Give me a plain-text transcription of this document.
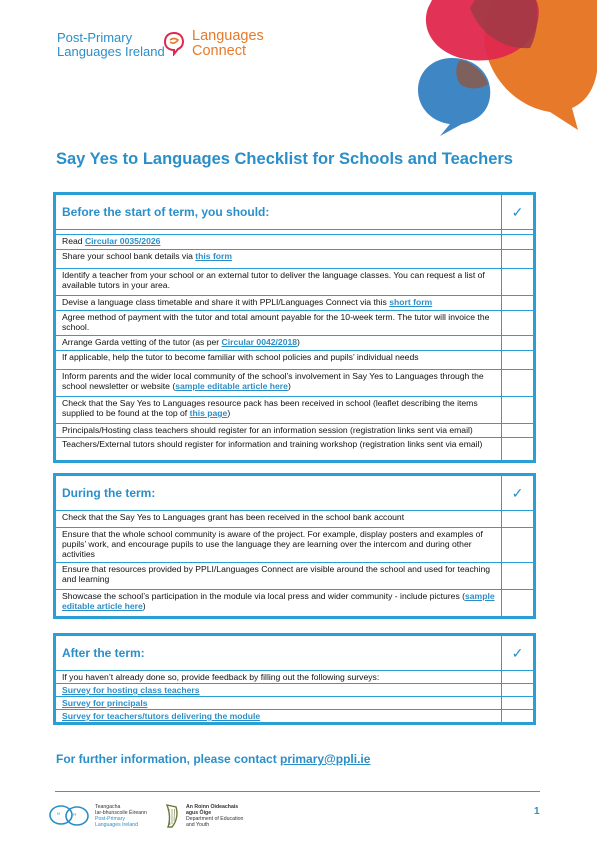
Post-Primary
Languages Ireland
Languages
Connect
Say Yes to Languages Checklist for Schools and Teachers
Before the start of term, you should:	✓

Read Circular 0035/2026	
Share your school bank details via this form	
Identify a teacher from your school or an external tutor to deliver the language classes. You can request a list of available tutors in your area.	
Devise a language class timetable and share it with PPLI/Languages Connect via this short form	
Agree method of payment with the tutor and total amount payable for the 10-week term. The tutor will invoice the school.	
Arrange Garda vetting of the tutor (as per Circular 0042/2018)	
If applicable, help the tutor to become familiar with school policies and pupils’ individual needs	
Inform parents and the wider local community of the school’s involvement in Say Yes to Languages through the school newsletter or website (sample editable article here)	
Check that the Say Yes to Languages resource pack has been received in school (leaflet describing the items supplied to be found at the top of this page)	
Principals/Hosting class teachers should register for an information session (registration links sent via email)	
Teachers/External tutors should register for information and training workshop (registration links sent via email)	
During the term:	✓
Check that the Say Yes to Languages grant has been received in the school bank account	
Ensure that the whole school community is aware of the project. For example, display posters and examples of pupils’ work, and encourage pupils to use the language they are learning over the intercom and during other activities	
Ensure that resources provided by PPLI/Languages Connect are visible around the school and used for teaching and learning	
Showcase the school’s participation in the module via local press and wider community - include pictures (sample editable article here)	
After the term:	✓
If you haven’t already done so, provide feedback by filling out the following surveys:	
Survey for hosting class teachers	
Survey for principals	
Survey for teachers/tutors delivering the module	
For further information, please contact primary@ppli.ie
“ ”
Teangacha
Iar-bhunscoile Éireann
Post-Primary
Languages Ireland
An Roinn Oideachais
agus Óige
Department of Education
and Youth
1
